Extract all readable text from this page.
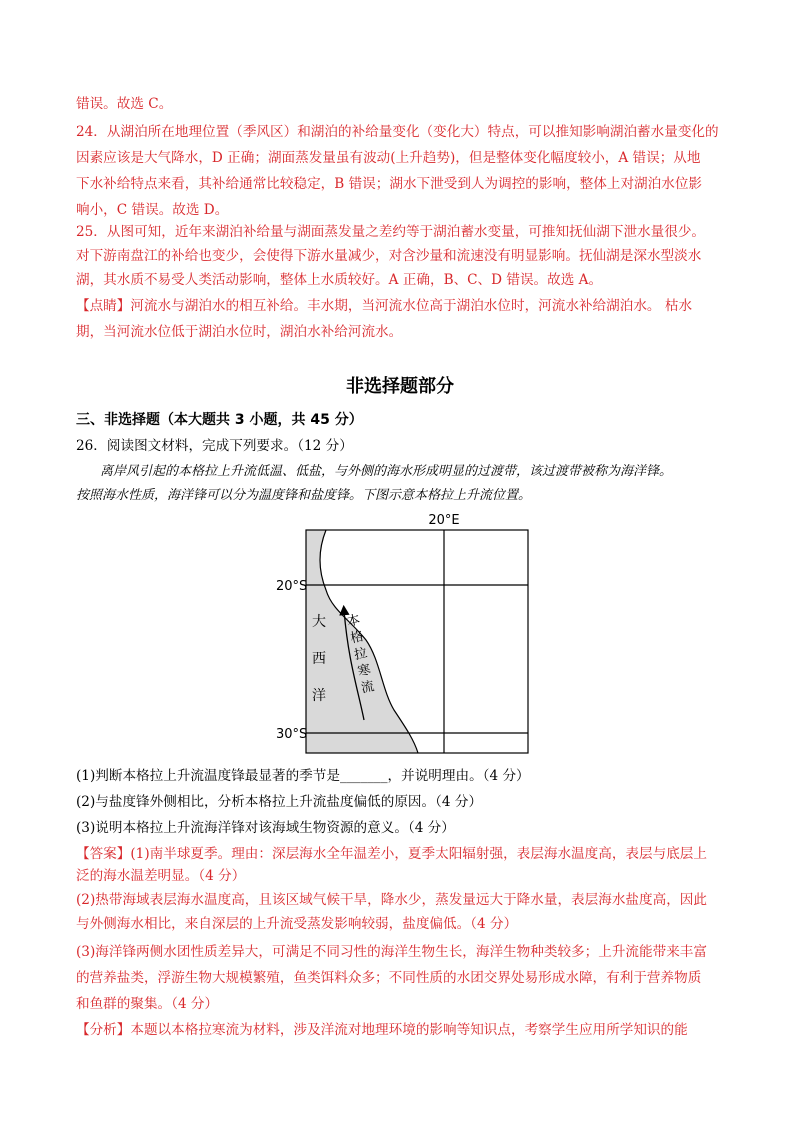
错误。故选 C。
24．从湖泊所在地理位置（季风区）和湖泊的补给量变化（变化大）特点，可以推知影响湖泊蓄水量变化的
因素应该是大气降水，D 正确；湖面蒸发量虽有波动(上升趋势)，但是整体变化幅度较小，A 错误；从地
下水补给特点来看，其补给通常比较稳定，B 错误；湖水下泄受到人为调控的影响，整体上对湖泊水位影
响小，C 错误。故选 D。
25．从图可知，近年来湖泊补给量与湖面蒸发量之差约等于湖泊蓄水变量，可推知抚仙湖下泄水量很少。
对下游南盘江的补给也变少，会使得下游水量减少，对含沙量和流速没有明显影响。抚仙湖是深水型淡水
湖，其水质不易受人类活动影响，整体上水质较好。A 正确，B、C、D 错误。故选 A。
【点睛】河流水与湖泊水的相互补给。丰水期，当河流水位高于湖泊水位时，河流水补给湖泊水。 枯水
期，当河流水位低于湖泊水位时，湖泊水补给河流水。
非选择题部分
三、非选择题（本大题共 3 小题，共 45 分）
26．阅读图文材料，完成下列要求。（12 分）
离岸风引起的本格拉上升流低温、低盐，与外侧的海水形成明显的过渡带，该过渡带被称为海洋锋。
按照海水性质，海洋锋可以分为温度锋和盐度锋。下图示意本格拉上升流位置。
20°E
20°S
30°S
大
西
洋
本
格
拉
寒
流
(1)判断本格拉上升流温度锋最显著的季节是_______，并说明理由。（4 分）
(2)与盐度锋外侧相比，分析本格拉上升流盐度偏低的原因。（4 分）
(3)说明本格拉上升流海洋锋对该海域生物资源的意义。（4 分）
【答案】(1)南半球夏季。理由：深层海水全年温差小，夏季太阳辐射强，表层海水温度高，表层与底层上
泛的海水温差明显。（4 分）
(2)热带海域表层海水温度高，且该区域气候干旱，降水少，蒸发量远大于降水量，表层海水盐度高，因此
与外侧海水相比，来自深层的上升流受蒸发影响较弱，盐度偏低。（4 分）
(3)海洋锋两侧水团性质差异大，可满足不同习性的海洋生物生长，海洋生物种类较多；上升流能带来丰富
的营养盐类，浮游生物大规模繁殖，鱼类饵料众多；不同性质的水团交界处易形成水障，有利于营养物质
和鱼群的聚集。（4 分）
【分析】本题以本格拉寒流为材料，涉及洋流对地理环境的影响等知识点，考察学生应用所学知识的能
